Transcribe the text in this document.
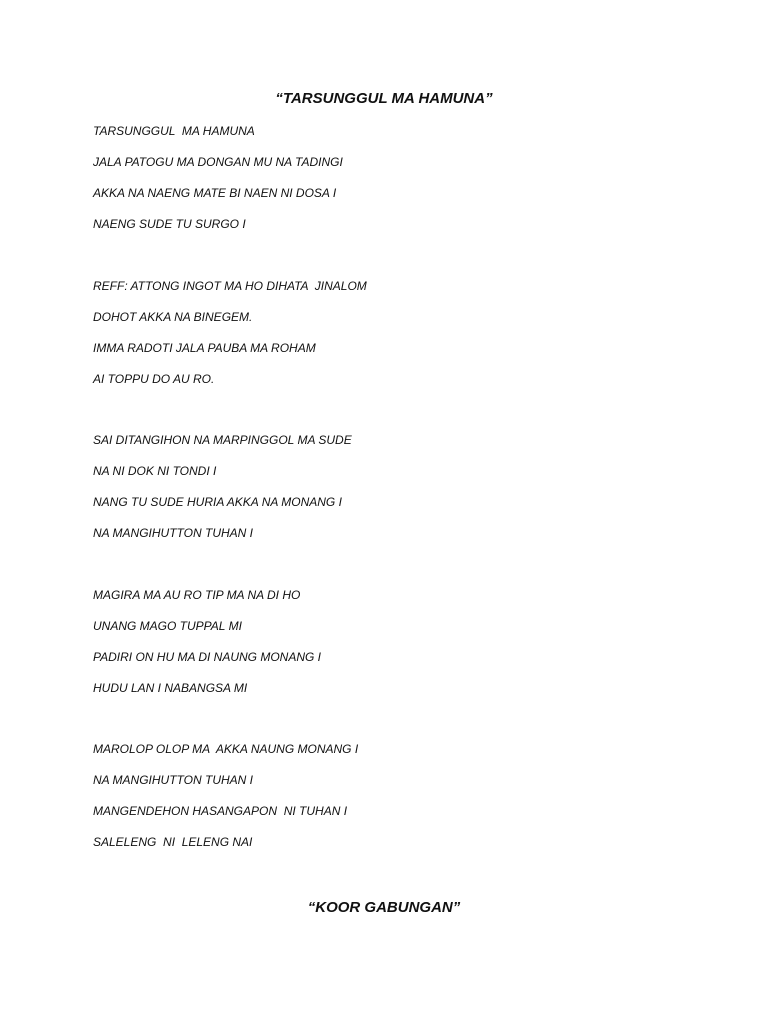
“TARSUNGGUL MA HAMUNA”
TARSUNGGUL  MA HAMUNA
JALA PATOGU MA DONGAN MU NA TADINGI
AKKA NA NAENG MATE BI NAEN NI DOSA I
NAENG SUDE TU SURGO I
REFF: ATTONG INGOT MA HO DIHATA  JINALOM
DOHOT AKKA NA BINEGEM.
IMMA RADOTI JALA PAUBA MA ROHAM
AI TOPPU DO AU RO.
SAI DITANGIHON NA MARPINGGOL MA SUDE
NA NI DOK NI TONDI I
NANG TU SUDE HURIA AKKA NA MONANG I
NA MANGIHUTTON TUHAN I
MAGIRA MA AU RO TIP MA NA DI HO
UNANG MAGO TUPPAL MI
PADIRI ON HU MA DI NAUNG MONANG I
HUDU LAN I NABANGSA MI
MAROLOP OLOP MA  AKKA NAUNG MONANG I
NA MANGIHUTTON TUHAN I
MANGENDEHON HASANGAPON  NI TUHAN I
SALELENG  NI  LELENG NAI
“KOOR GABUNGAN”
